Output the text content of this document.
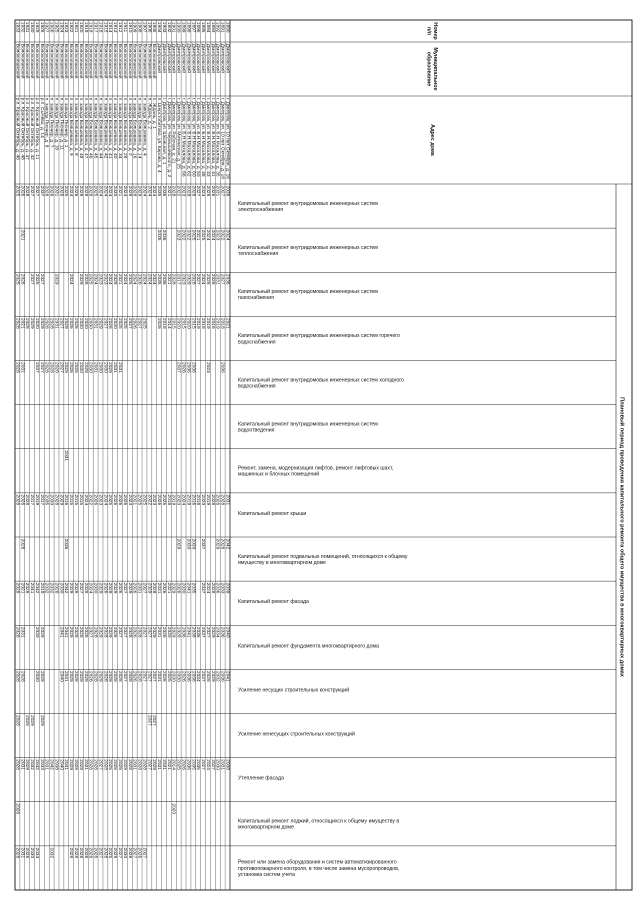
Плановый период проведения капитального ремонта общего имущества в многоквартирных домах
Номерп/п
Муниципальноеобразование
Адрес дома
Капитальный ремонт внутридомовых инженерных систем электроснабжения
Капитальный ремонт внутридомовых инженерных систем теплоснабжения
Капитальный ремонт внутридомовых инженерных систем газоснабжения
Капитальный ремонт внутридомовых инженерных систем горячего водоснабжения
Капитальный ремонт внутридомовых инженерных систем холодного водоснабжения
Капитальный ремонт внутридомовых инженерных систем водоотведения
Ремонт, замена, модернизация лифтов, ремонт лифтовых шахт, машинных и блочных помещений
Капитальный ремонт крыши
Капитальный ремонт подвальных помещений, относящихся к общему имуществу в многоквартирном доме
Капитальный ремонт фасада
Капитальный ремонт фундамента многоквартирного дома
Усиление несущих строительных конструкций
Усиление ненесущих строительных конструкций
Утепление фасада
Капитальный ремонт лоджий, относящихся к общему имуществу в многоквартирном доме
Ремонт или замена оборудования и систем автоматизированного противопожарного контроля, в том числе замена мусоропроводов, установка систем учета
1890
Дмитровский
г. Дмитров, ул. 10 лет Октября, д. 16
2036
2024
2036
2021
2031
2042
2039
2040
2041
2038
1891
Дмитровский
г. Дмитров, ул. 10 лет Октября, д. 18
2027
2022
2027
2018
2036
2028
2028
2033
2036
2036
2031
1892
Дмитровский
г. Дмитров, ул. Б.Н.Махалова, д. 35
2031
2023
2031
2019
2026
2029
2036
2034
2032
2030
1893
Дмитровский
г. Дмитров, ул. Б.Н.Махалова, д. 41
2026
2024
2026
2016
2028
2028
2029
2029
2027
1894
Дмитровский
г. Дмитров, ул. Б.Н.Махалова, д. 43
2028
2024
2028
2019
2024
2019
2024
2027
2028
2024
1895
Дмитровский
г. Дмитров, ул. Б.Н.Махалова, д. 48
2024
2025
2024
2018
2020
2037
2037
2037
2037
2027
1896
Дмитровский
г. Дмитров, ул. Б.Н.Махалова, д. 50
2027
2021
2027
2019
2018
2036
2034
2035
1897
Дмитровский
г. Дмитров, ул. Б.Н.Махалова, д. 60
2028
2025
2028
2015
2036
2016
2030
2035
2038
2038
2035
1898
Дмитровский
г. Дмитров, ул. Б.Н.Махалова, д. 62
2029
2022
2029
2020
2036
2019
2030
2041
2041
2036
2036
1899
Дмитровский
г. Дмитров, ул. Б.Н.Махалова, д. 66
2023
2022
2023
2015
2026
2024
2030
2036
2026
2026
1900
Дмитровский
г. Дмитров, ул. Митинская, д. 25
2022
2023
2017
2020
2037
2020
2029
2026
2028
2030
2025
1901
Дмитровский
г. Дмитров, ул. Рабочая, д. 21
2028
2028
2015
2019
2029
2029
2030
2014
2020
1902
Дмитровский
г. Дмитров, ул. Чернышевского, д. 2
2021
2021
2014
2018
2021
2030
2025
2021
1903
Дмитровский
г. Дмитров, ул. Школьная, д. 1
2036
2036
2036
2018
2025
2026
2026
2026
2031
1904
Дмитровский
п. Шерстобитово, ул. Кирова, д. 4
2035
2035
2035
2026
2026
2031
2031
2031
2031
1905
Волоколамский
п. Ждань, д. 1
2024
2024
2023
2028
2029
2027
2027
2029
1906
Волоколамский
п. Ждань, д. 2
2024
2024
2022
2029
2027
2027
2027
2027
1907
Волоколамский
п. завода Болшевика, д. 4
2024
2024
2025
2025
2027
2027
2027
2028
2027
1908
Волоколамский
п. завода Болшевика, д. 14
2029
2026
2027
2025
2031
2028
2028
2028
2026
1909
Волоколамский
п. завода Болшевика, д. 16
2028
2024
2026
2021
2026
2026
2026
2031
2027
1910
Волоколамский
п. завода Болшевика, д. 2
2029
2025
2027
2023
2029
2028
2028
2028
2028
1911
Волоколамский
п. завода Болшевика, д. 28
2024
2024
2025
2026
2027
2027
2027
2029
2030
1912
Волоколамский
п. завода Болшевика, д. 34
2021
2021
2025
2031
2026
2026
2027
2028
2026
2027
1913
Волоколамский
п. завода Болшевика, д. 40
2030
2028
2030
2031
2026
2029
2026
2028
2026
2028
1914
Волоколамский
п. завода Болшевика, д. 41
2024
2024
2026
2029
2025
2029
2029
2029
2025
2025
1915
Волоколамский
п. завода Болшевика, д. 42
2024
2023
2027
2030
2024
2026
2028
2028
2028
2028
1916
Волоколамский
п. завода Болшевика, д. 44
2024
2023
2029
2030
2023
2029
2029
2029
2027
2027
1917
Волоколамский
п. завода Болшевика, д. 45
2025
2024
2031
2031
2026
2030
2028
2028
2028
2028
1918
Волоколамский
п. завода Болшевика, д. 46
2028
2025
2030
2030
2022
2024
2027
2026
2026
2026
1919
Волоколамский
п. завода Болшевика, д. 47
2028
2028
2030
2028
2024
2028
2028
2028
2031
2028
1920
Волоколамский
п. завода Болшевика, д. 48
2029
2029
2030
2030
2015
2027
2028
2029
2029
2028
1921
Волоколамский
п. завода Болшевика, д. 8
2026
2026
2026
2015
2028
2028
2028
2028
2028
1922
Волоколамский
п. завода Болшевика, д. 9
2024
2024
2026
2026
2015
2029
2029
2029
2029
2028
1923
Волоколамский
п. завода Пионер, д. 1
2025
2029
2029
2031
2016
2036
2042
2041
2041
2041
1924
Волоколамский
п. завода Пионер, д. 11
2026
2027
2027
2029
2030
2041
2040
2040
1925
Волоколамский
п. завода Пионер, д. 18
2031
2029
2031
2028
2028
2028
2038
1926
Волоколамский
п. завода Пионер, д. 7
2026
2028
2028
2030
2032
2042
2032
1927
Волоколамский
п. завода Пионер, д. 8
2026
2028
2028
2035
2032
2031
1928
Волоколамский
р.п. Сычёво, д. 14
2037
2027
2029
2027
2017
2019
2029
2029
2029
2033
1929
Волоколамский
р.п. Красный Октябрь, д. 11
2027
2025
2030
2037
2019
2042
2030
2030
2042
2033
1930
Волоколамский
р.п. Красный Октябрь, д. 42
2027
2027
2029
2017
2041
2029
2032
2030
1931
Волоколамский
р.п. Красный Октябрь, д. 47
2028
2028
2028
2028
2028
2029
2028
1932
Волоколамский
р.п. Красный Октябрь, д. 48
2026
2021
2026
2021
2031
2026
2028
2021
2031
2028
2031
2031
1933
Волоколамский
р.п. Красный Октябрь, д. 48
2025
2025
2028
2028
2028
2028
2028
2028
2028
2028
2026
2028
